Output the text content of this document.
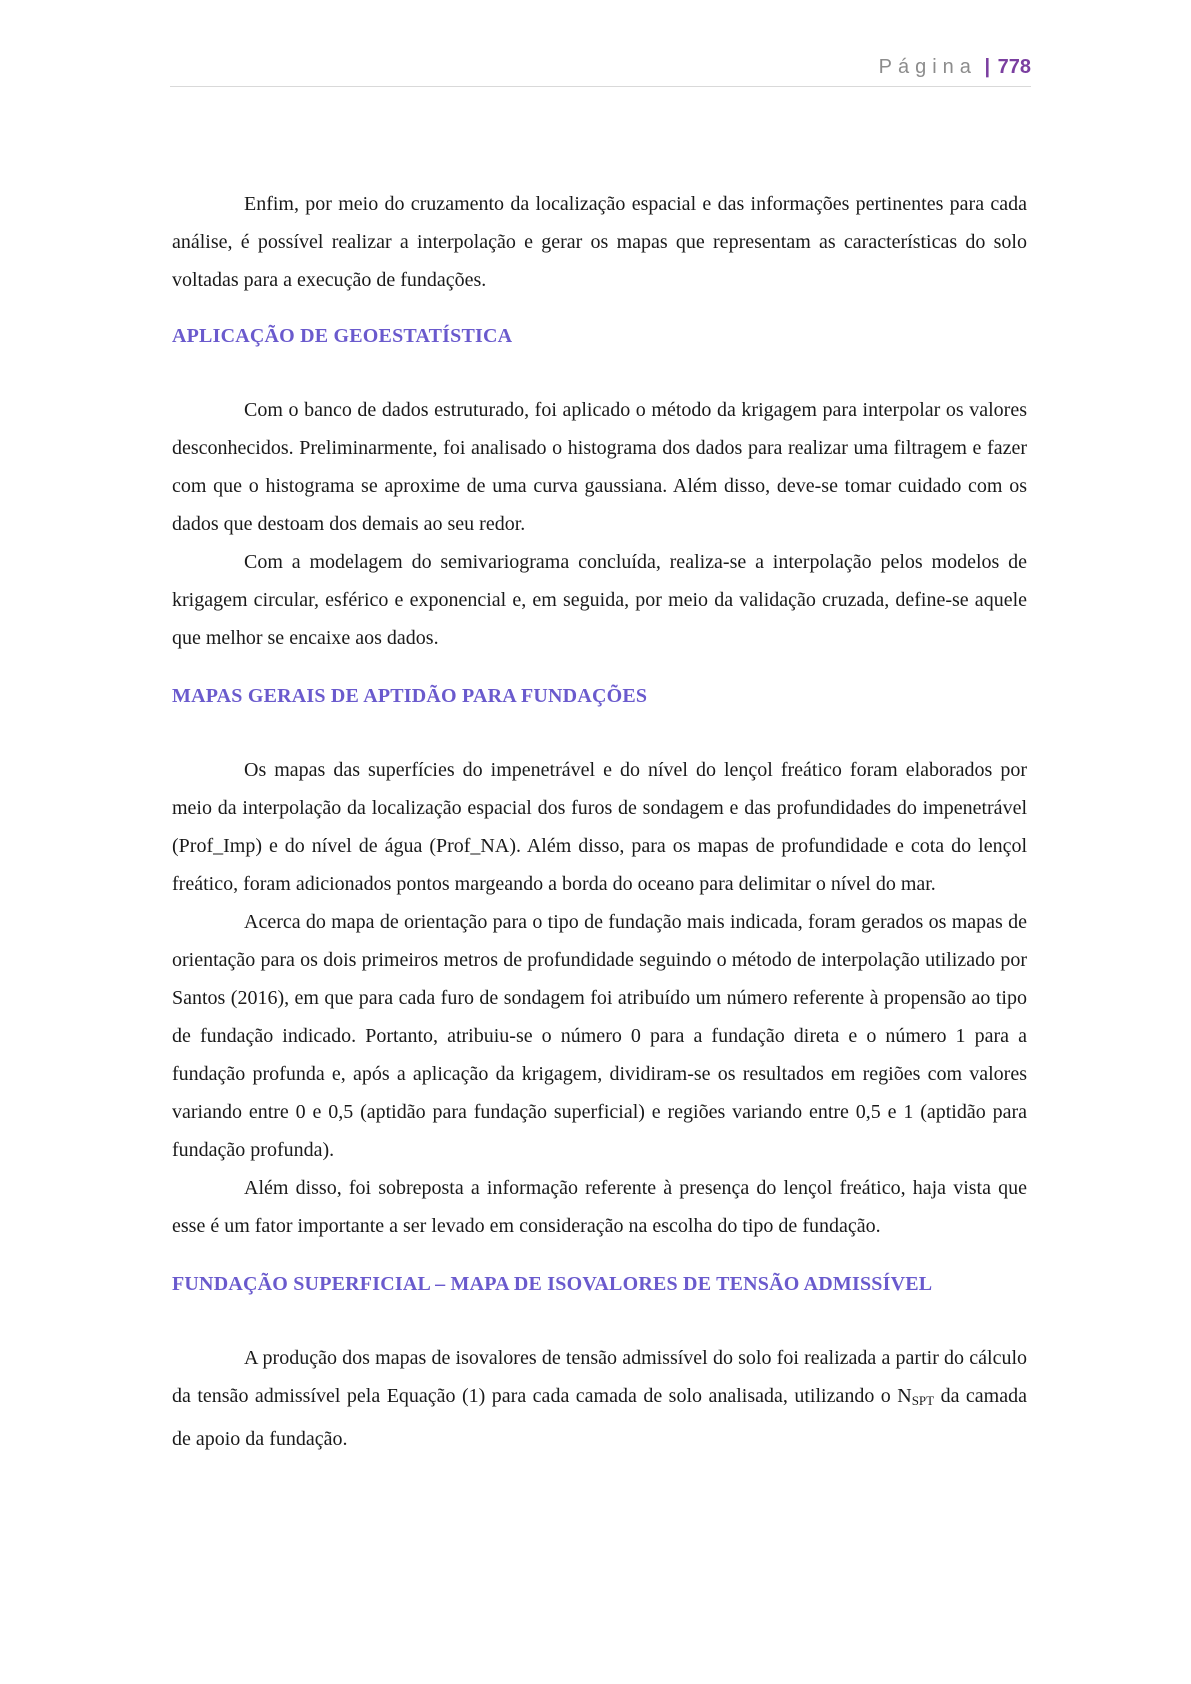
Página | 778

Enfim, por meio do cruzamento da localização espacial e das informações pertinentes para cada análise, é possível realizar a interpolação e gerar os mapas que representam as características do solo voltadas para a execução de fundações.

APLICAÇÃO DE GEOESTATÍSTICA

Com o banco de dados estruturado, foi aplicado o método da krigagem para interpolar os valores desconhecidos. Preliminarmente, foi analisado o histograma dos dados para realizar uma filtragem e fazer com que o histograma se aproxime de uma curva gaussiana. Além disso, deve-se tomar cuidado com os dados que destoam dos demais ao seu redor.

Com a modelagem do semivariograma concluída, realiza-se a interpolação pelos modelos de krigagem circular, esférico e exponencial e, em seguida, por meio da validação cruzada, define-se aquele que melhor se encaixe aos dados.

MAPAS GERAIS DE APTIDÃO PARA FUNDAÇÕES

Os mapas das superfícies do impenetrável e do nível do lençol freático foram elaborados por meio da interpolação da localização espacial dos furos de sondagem e das profundidades do impenetrável (Prof_Imp) e do nível de água (Prof_NA). Além disso, para os mapas de profundidade e cota do lençol freático, foram adicionados pontos margeando a borda do oceano para delimitar o nível do mar.

Acerca do mapa de orientação para o tipo de fundação mais indicada, foram gerados os mapas de orientação para os dois primeiros metros de profundidade seguindo o método de interpolação utilizado por Santos (2016), em que para cada furo de sondagem foi atribuído um número referente à propensão ao tipo de fundação indicado. Portanto, atribuiu-se o número 0 para a fundação direta e o número 1 para a fundação profunda e, após a aplicação da krigagem, dividiram-se os resultados em regiões com valores variando entre 0 e 0,5 (aptidão para fundação superficial) e regiões variando entre 0,5 e 1 (aptidão para fundação profunda).

Além disso, foi sobreposta a informação referente à presença do lençol freático, haja vista que esse é um fator importante a ser levado em consideração na escolha do tipo de fundação.

FUNDAÇÃO SUPERFICIAL – MAPA DE ISOVALORES DE TENSÃO ADMISSÍVEL

A produção dos mapas de isovalores de tensão admissível do solo foi realizada a partir do cálculo da tensão admissível pela Equação (1) para cada camada de solo analisada, utilizando o $N_{SPT}$ da camada de apoio da fundação.
